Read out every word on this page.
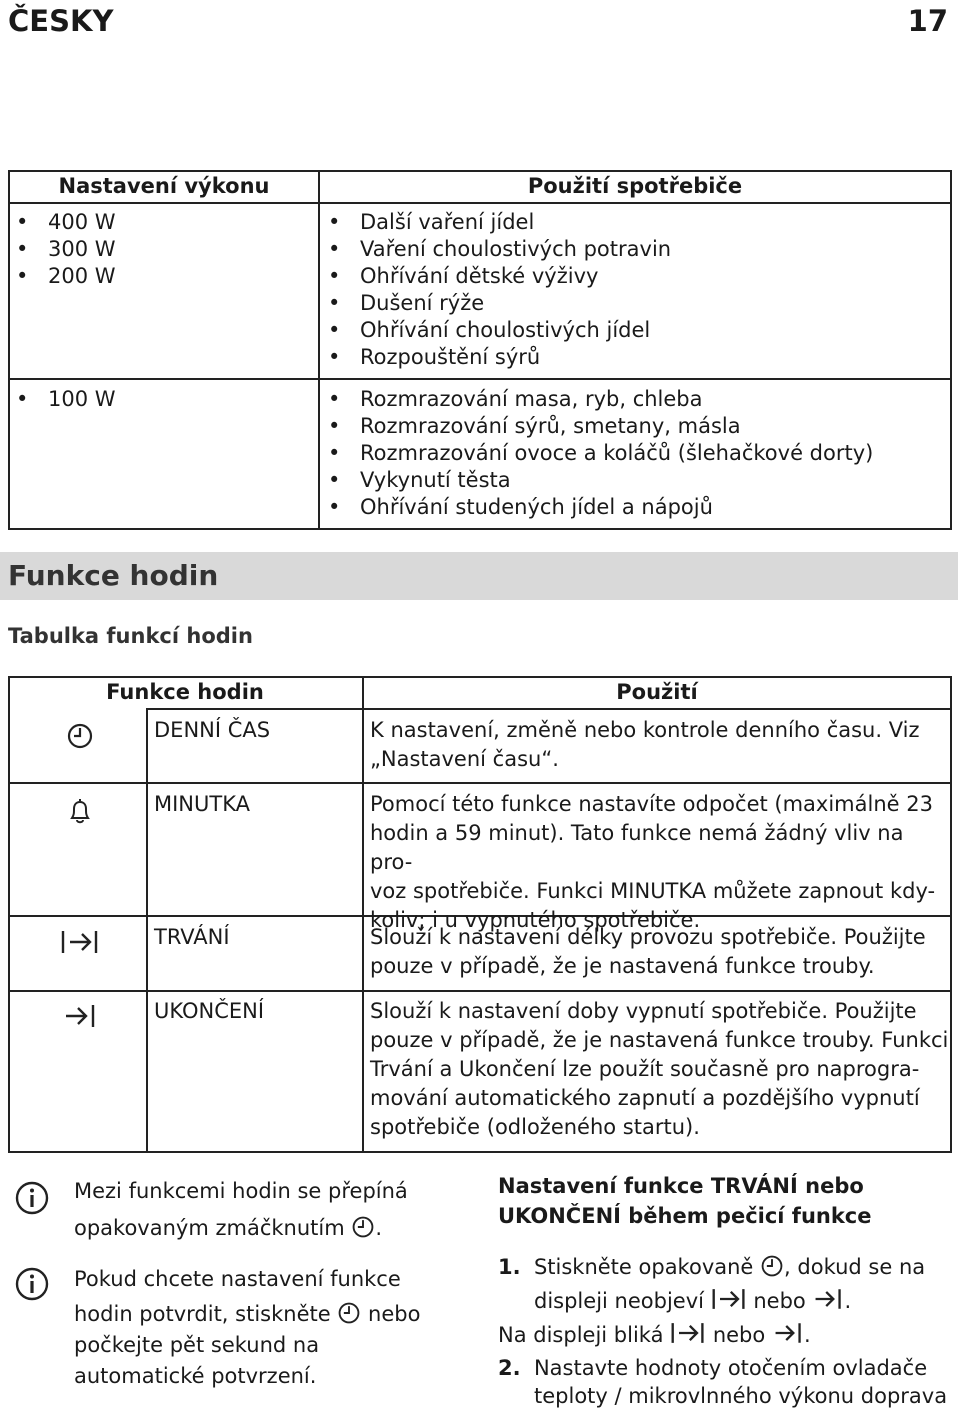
ČESKY	17
Nastavení výkonu	Použití spotřebiče
• 400 W
• 300 W
• 200 W
• Další vaření jídel
• Vaření choulostivých potravin
• Ohřívání dětské výživy
• Dušení rýže
• Ohřívání choulostivých jídel
• Rozpouštění sýrů
• 100 W
•	Rozmrazování masa, ryb, chleba
• Rozmrazování sýrů, smetany, másla
• Rozmrazování ovoce a koláčů (šlehačkové dorty)
• Vykynutí těsta
• Ohřívání studených jídel a nápojů
Funkce hodin
Tabulka funkcí hodin
Funkce hodin	Použití
DENNÍ ČAS	K nastavení, změně nebo kontrole denního času. Viz
„Nastavení času“.
MINUTKA	Pomocí této funkce nastavíte odpočet (maximálně 23
hodin a 59 minut). Tato funkce nemá žádný vliv na pro-
voz spotřebiče. Funkci MINUTKA můžete zapnout kdy-
koliv; i u vypnutého spotřebiče.
TRVÁNÍ	Slouží k nastavení délky provozu spotřebiče. Použijte
pouze v případě, že je nastavená funkce trouby.
UKONČENÍ	Slouží k nastavení doby vypnutí spotřebiče. Použijte
pouze v případě, že je nastavená funkce trouby. Funkci
Trvání a Ukončení lze použít současně pro naprogra-
mování automatického zapnutí a pozdějšího vypnutí
spotřebiče (odloženého startu).
Mezi funkcemi hodin se přepíná
opakovaným zmáčknutím .
Pokud chcete nastavení funkce
hodin potvrdit, stiskněte nebo
počkejte pět sekund na
automatické potvrzení.
Nastavení funkce TRVÁNÍ nebo
UKONČENÍ během pečicí funkce
1. Stiskněte opakovaně , dokud se na
displeji neobjeví nebo .
Na displeji bliká nebo .
2. Nastavte hodnoty otočením ovladače
teploty / mikrovlnného výkonu doprava
